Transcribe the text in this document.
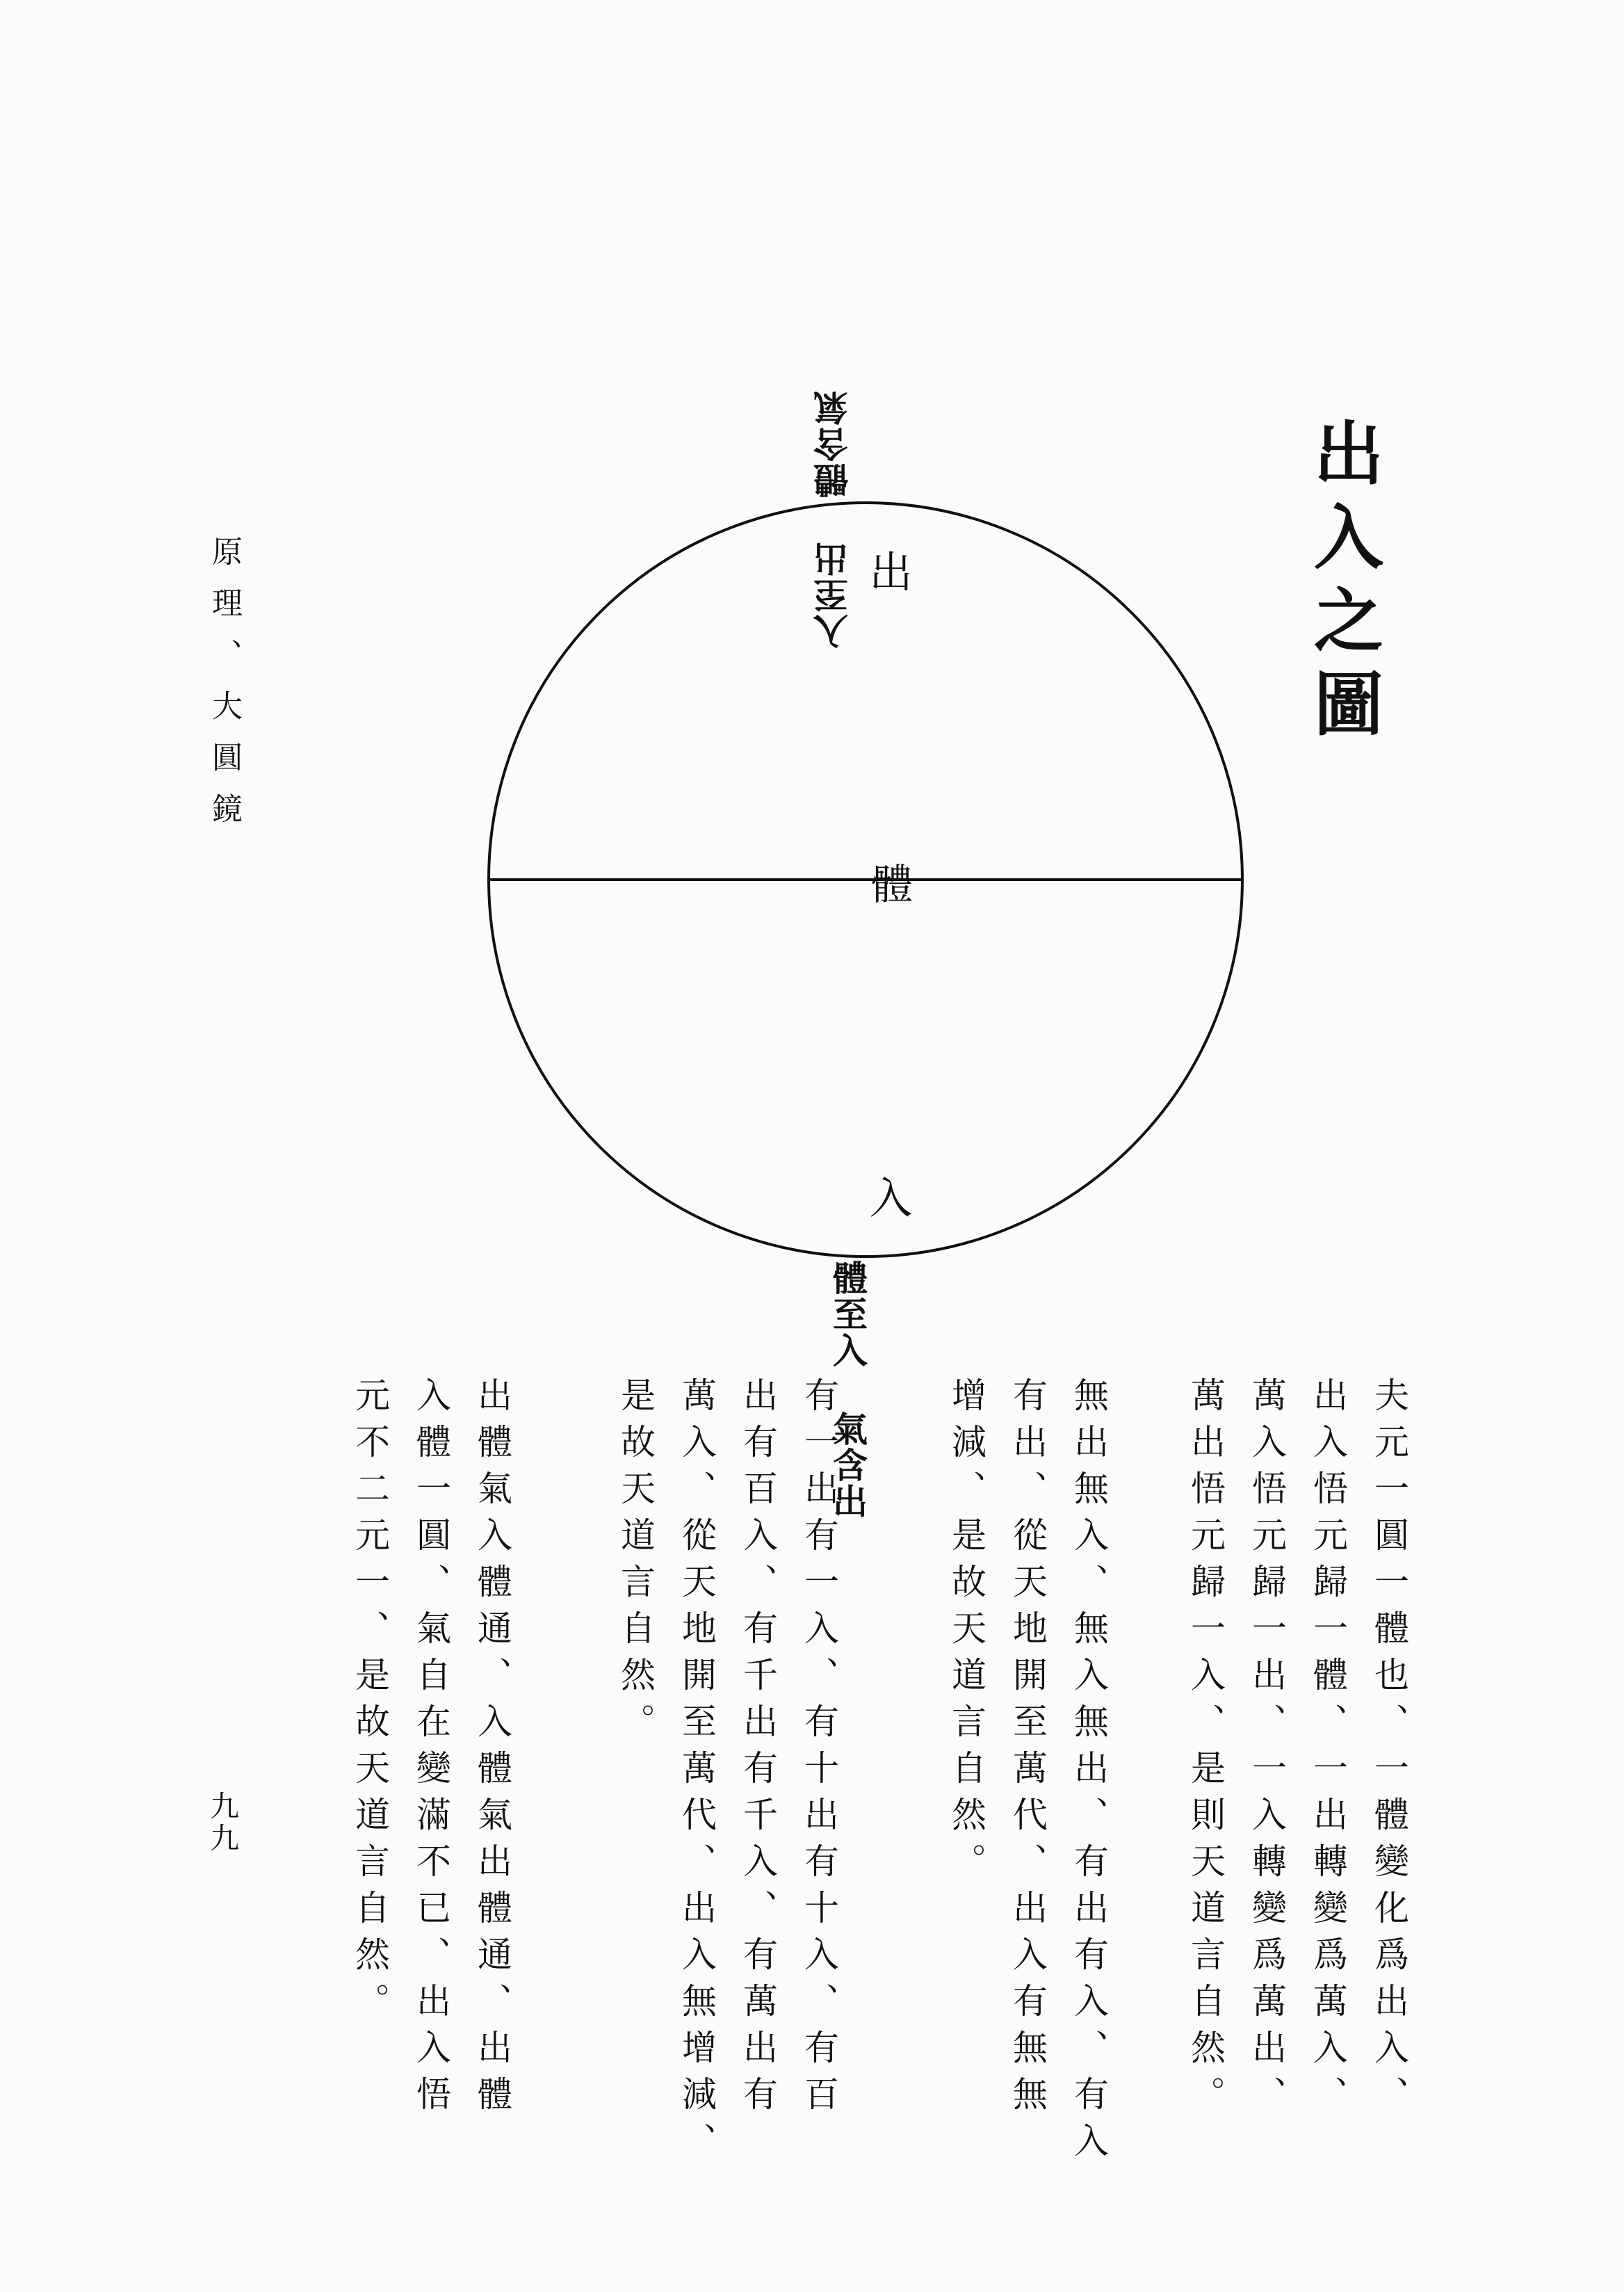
原理、大圓鏡
九九
出入之圖
出
體
入
入至出 體含氣
體至入 氣含出	夫元一圓一體也、一體變化爲出入、
出入悟元歸一體、一出轉變爲萬入、
萬入悟元歸一出、一入轉變爲萬出、
萬出悟元歸一入、是則天道言自然。
無出無入、無入無出、有出有入、有入
有出、從天地開至萬代、出入有無無
增減、是故天道言自然。
有一出有一入、有十出有十入、有百
出有百入、有千出有千入、有萬出有
萬入、從天地開至萬代、出入無增減、
是故天道言自然。
出體氣入體通、入體氣出體通、出體
入體一圓、氣自在變滿不已、出入悟
元不二元一、是故天道言自然。
